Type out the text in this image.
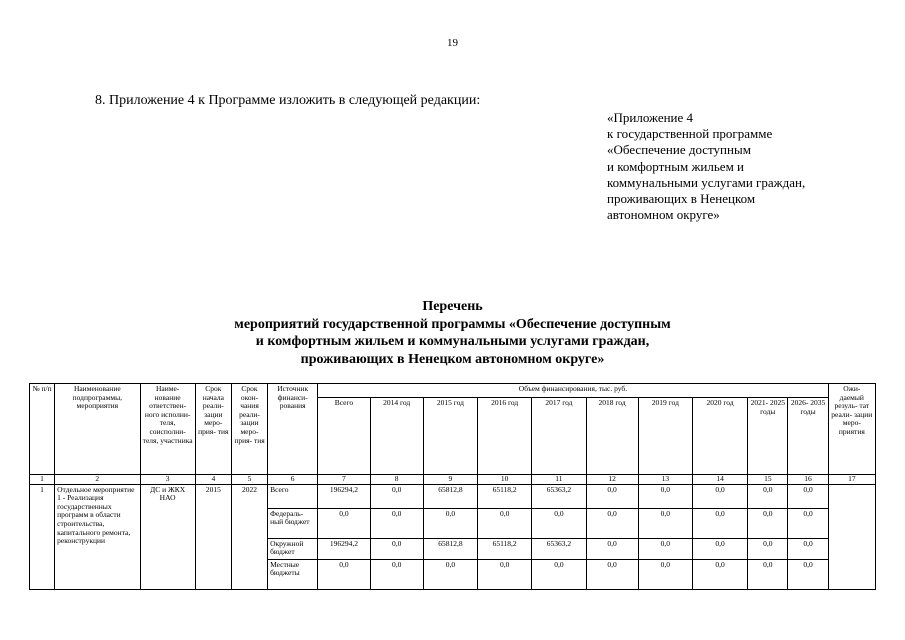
19
8. Приложение 4 к Программе изложить в следующей редакции:
«Приложение 4
к государственной программе
«Обеспечение доступным
и комфортным жильем и
коммунальными услугами граждан,
проживающих в Ненецком
автономном округе»
Перечень
мероприятий государственной программы «Обеспечение доступным
и комфортным жильем и коммунальными услугами граждан,
проживающих в Ненецком автономном округе»
№ п/п	Наименование подпрограммы, мероприятия	Наиме- нование ответствен- ного исполни- теля, соисполни- теля, участника	Срок начала реали- зации меро- прия- тия	Срок окон- чания реали- зации меро- прия- тия	Источник финанси- рования	Объем финансирования, тыс. руб.										Ожи- даемый резуль- тат реали- зации меро- приятия
						Всего	2014 год	2015 год	2016 год	2017 год	2018 год	2019 год	2020 год	2021- 2025 годы	2026- 2035 годы	
1	2	3	4	5	6	7	8	9	10	11	12	13	14	15	16	17
1	Отдельное мероприятие 1 - Реализация государственных программ в области строительства, капитального ремонта, реконструкции	ДС и ЖКХ НАО	2015	2022	Всего	196294,2	0,0	65812,8	65118,2	65363,2	0,0	0,0	0,0	0,0	0,0	
					Федераль- ный бюджет	0,0	0,0	0,0	0,0	0,0	0,0	0,0	0,0	0,0	0,0	
					Окружной бюджет	196294,2	0,0	65812,8	65118,2	65363,2	0,0	0,0	0,0	0,0	0,0	
					Местные бюджеты	0,0	0,0	0,0	0,0	0,0	0,0	0,0	0,0	0,0	0,0	
